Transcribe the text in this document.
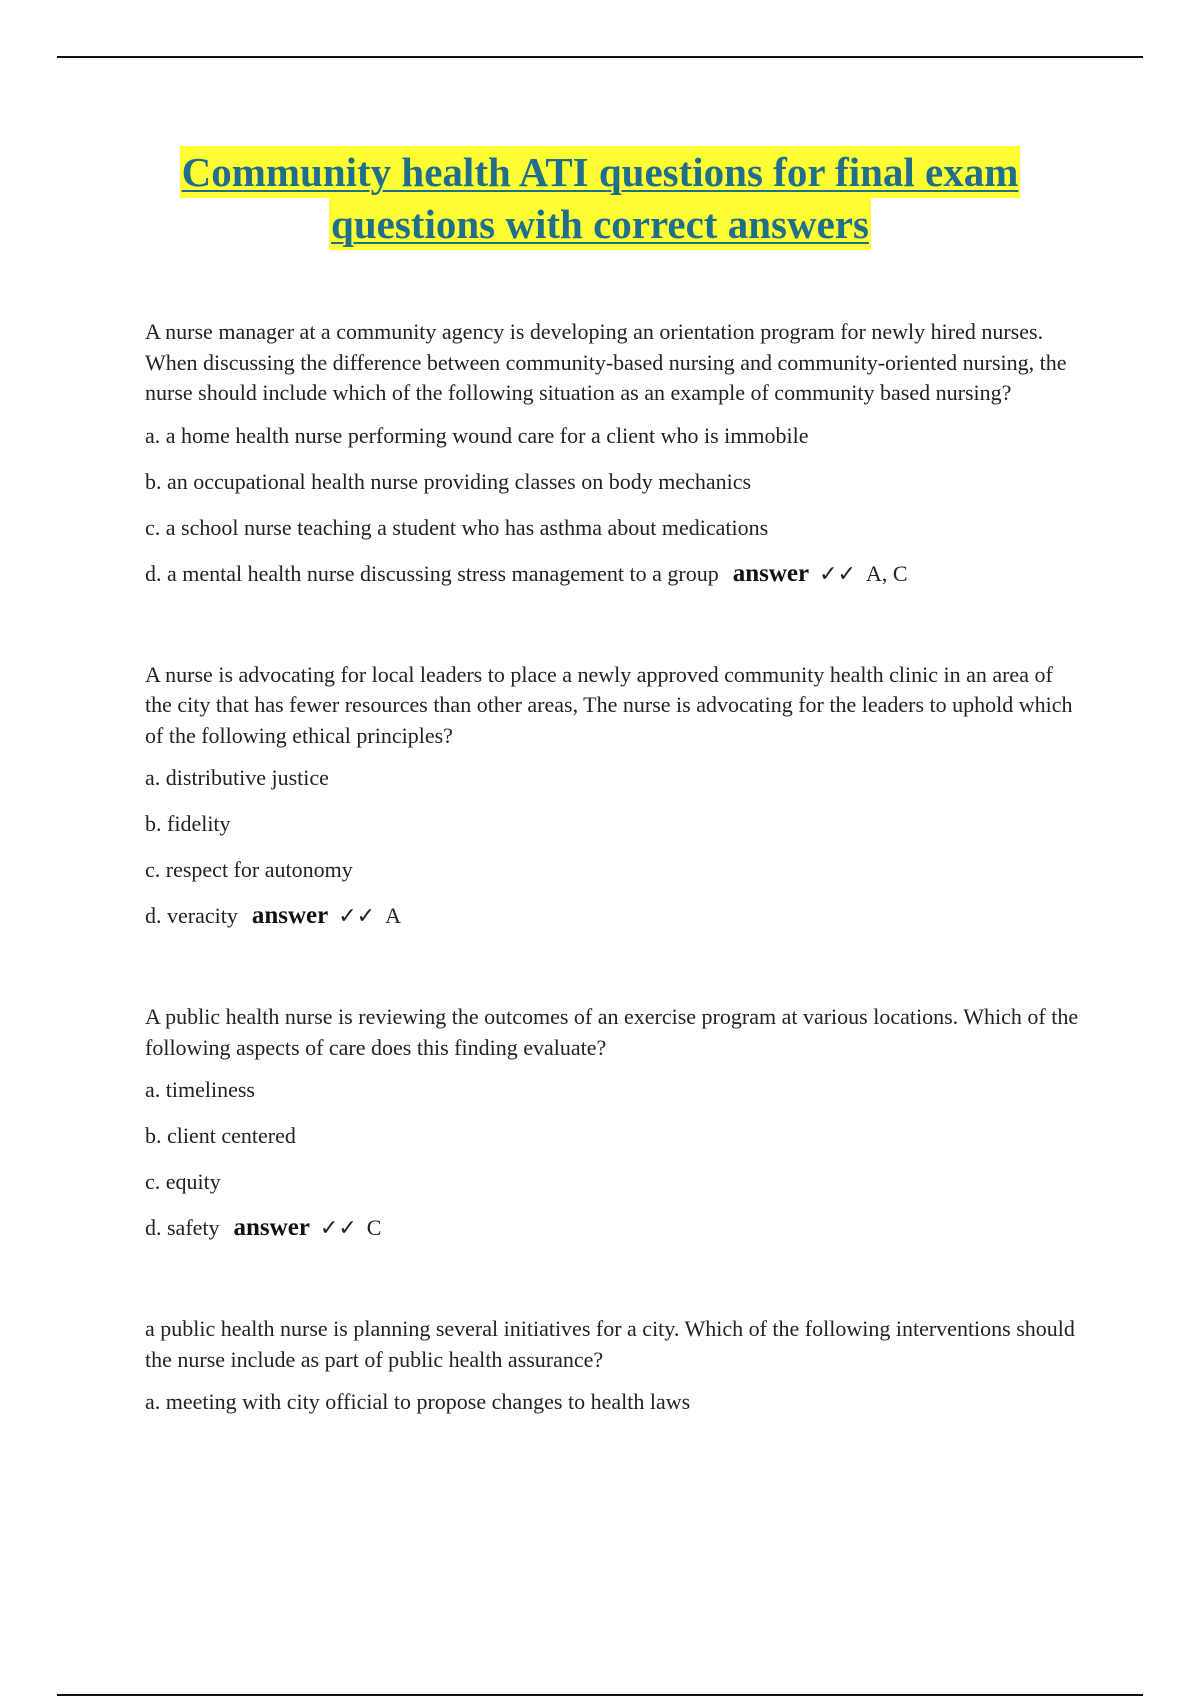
Community health ATI questions for final exam
questions with correct answers

A nurse manager at a community agency is developing an orientation program for newly hired nurses. When discussing the difference between community-based nursing and community-oriented nursing, the nurse should include which of the following situation as an example of community based nursing?

a. a home health nurse performing wound care for a client who is immobile
b. an occupational health nurse providing classes on body mechanics
c. a school nurse teaching a student who has asthma about medications
d. a mental health nurse discussing stress management to a group answer ✓✓ A, C

A nurse is advocating for local leaders to place a newly approved community health clinic in an area of the city that has fewer resources than other areas, The nurse is advocating for the leaders to uphold which of the following ethical principles?

a. distributive justice
b. fidelity
c. respect for autonomy
d. veracity answer ✓✓ A

A public health nurse is reviewing the outcomes of an exercise program at various locations. Which of the following aspects of care does this finding evaluate?

a. timeliness
b. client centered
c. equity
d. safety answer ✓✓ C

a public health nurse is planning several initiatives for a city. Which of the following interventions should the nurse include as part of public health assurance?

a. meeting with city official to propose changes to health laws
